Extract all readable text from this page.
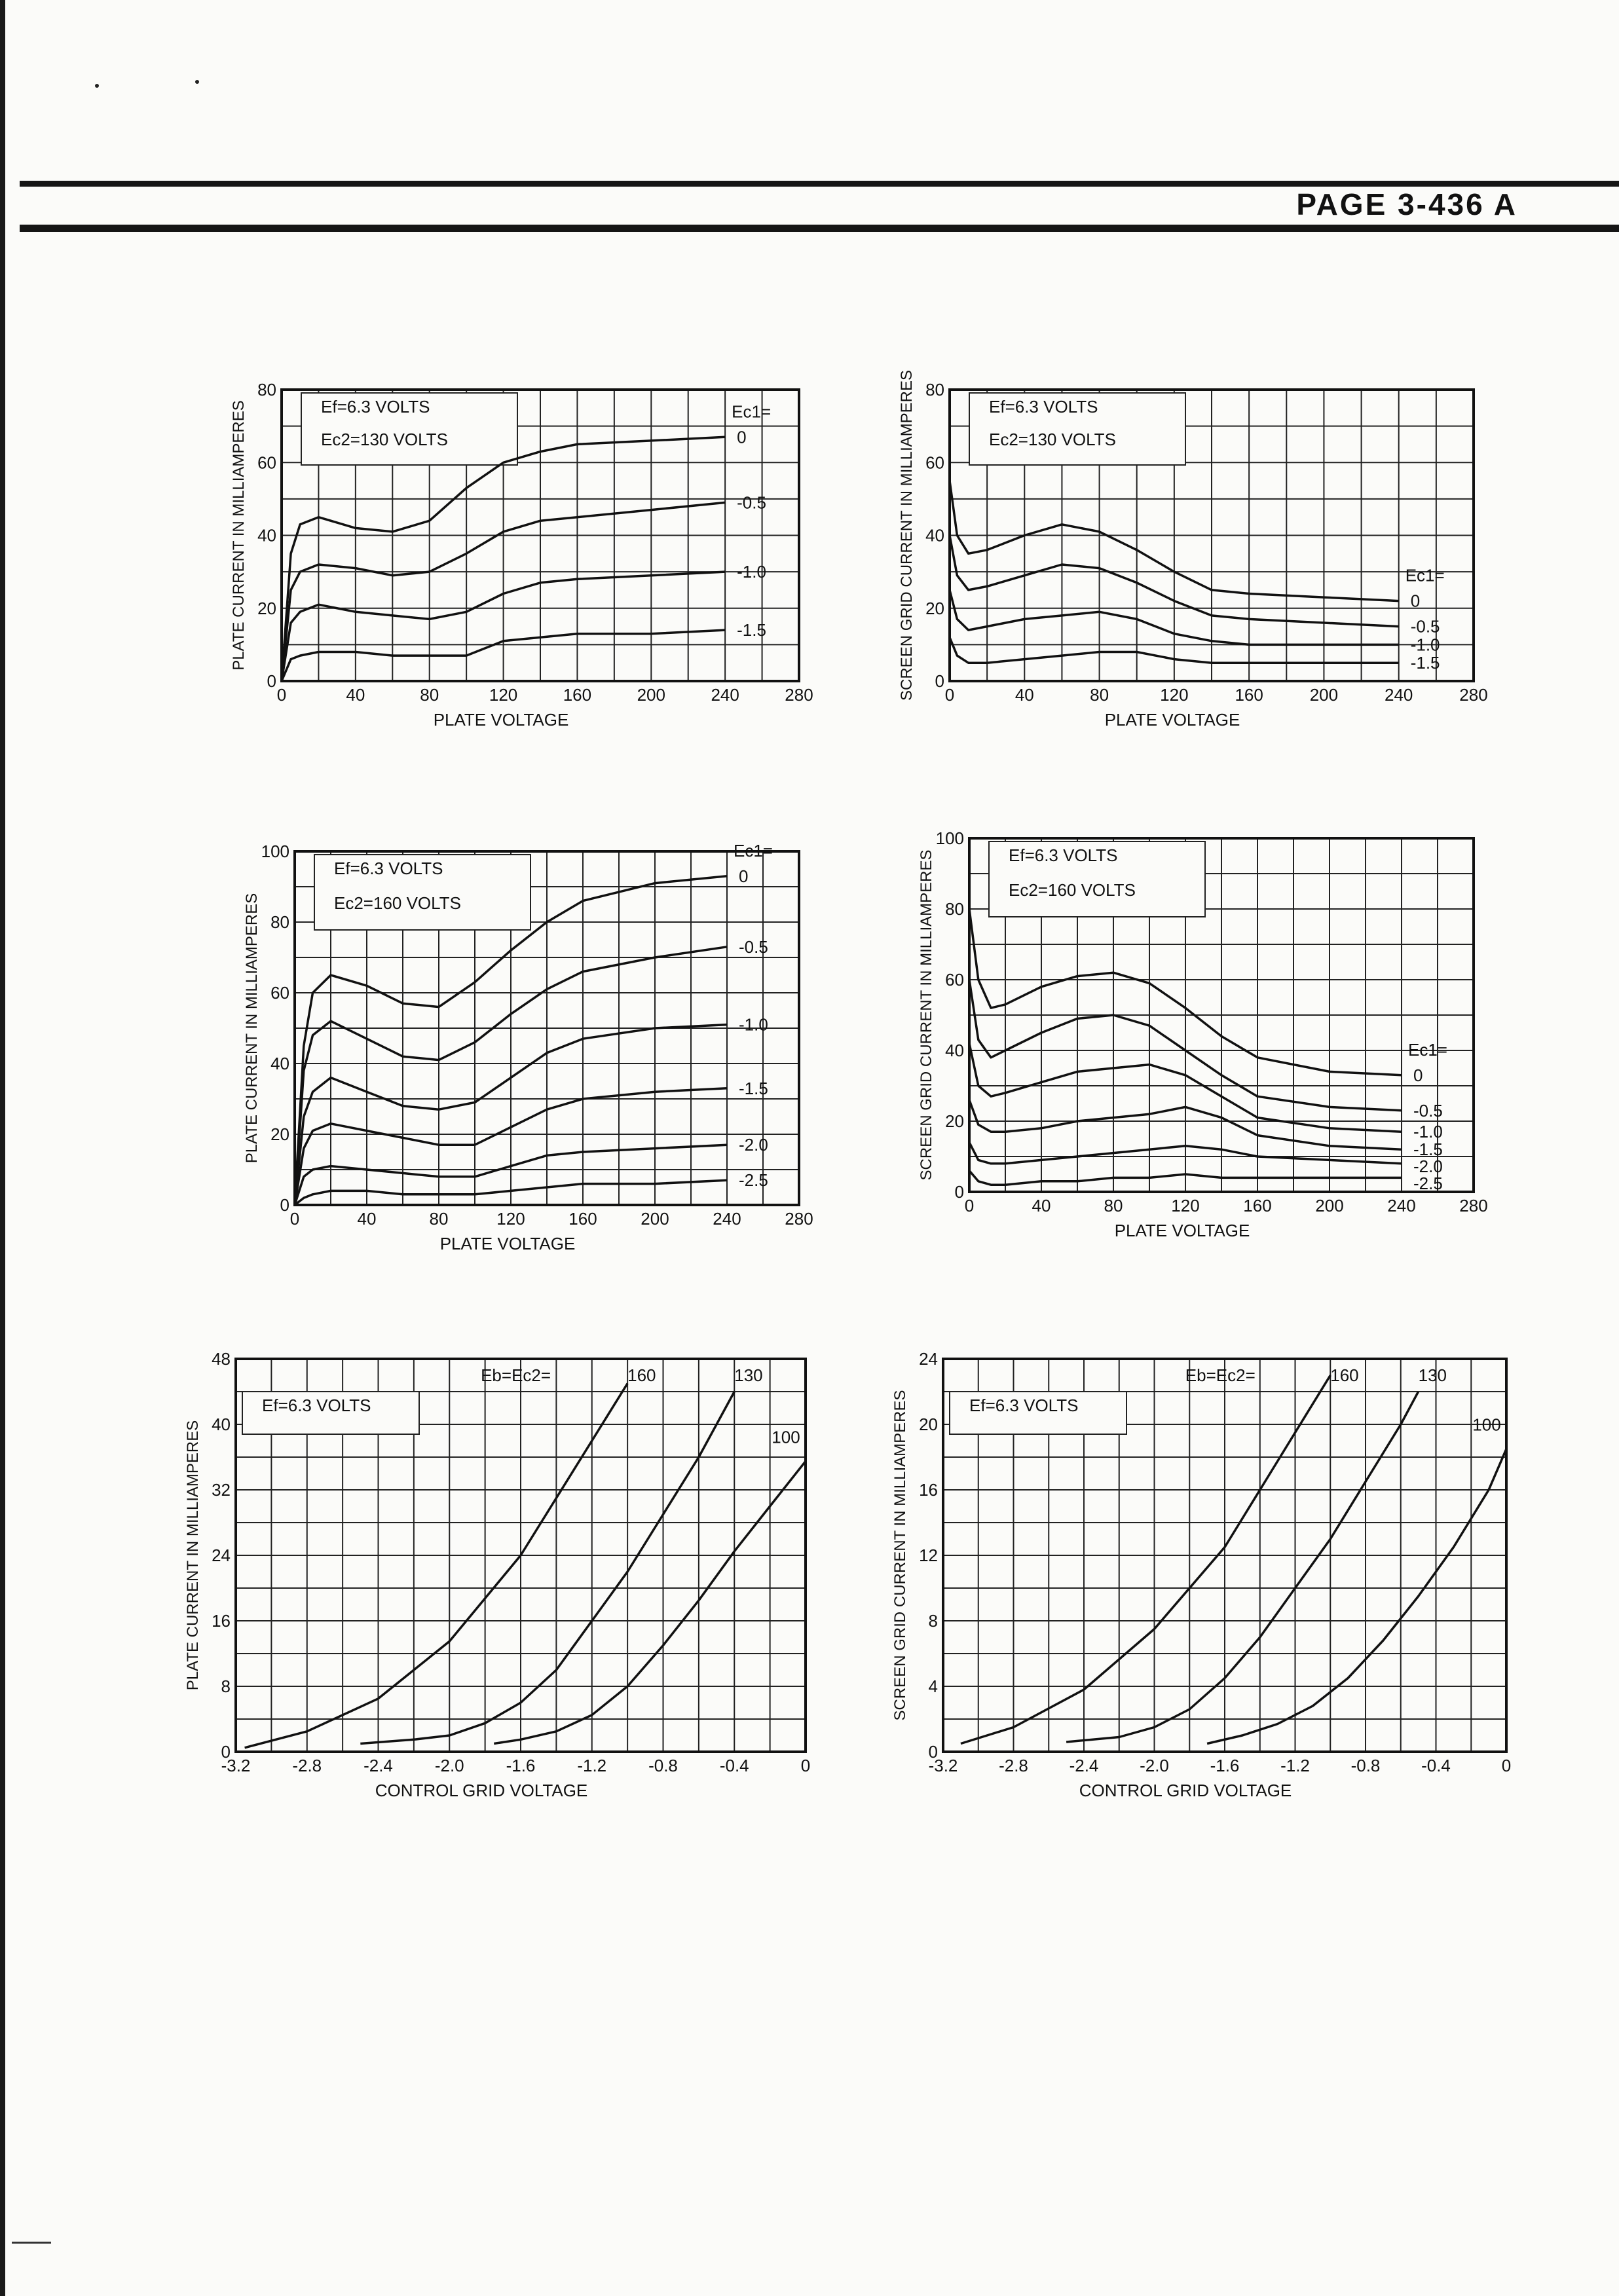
PAGE 3-436 A
0	40	80	120	160	200	240	280
0
20
40
60
80
PLATE VOLTAGE
PLATE CURRENT IN MILLIAMPERES	Ef=6.3 VOLTS
Ec2=130 VOLTS	0
Ec1=
-0.5
-1.0
-1.5
0	40	80	120	160	200	240	280
0
20
40
60
80
PLATE VOLTAGE
SCREEN GRID CURRENT IN MILLIAMPERES	Ef=6.3 VOLTS
Ec2=130 VOLTS
0
Ec1=
-0.5
-1.0
-1.5
0	40	80	120	160	200	240	280
0
20
40
60
80
100
PLATE VOLTAGE
PLATE CURRENT IN MILLIAMPERES
Ef=6.3 VOLTS
Ec2=160 VOLTS
0
Ec1=
-0.5
-1.0
-1.5
-2.0
-2.5
0	40	80	120	160	200	240	280
0
20
40
60
80
100
PLATE VOLTAGE
SCREEN GRID CURRENT IN MILLIAMPERES	Ef=6.3 VOLTS
Ec2=160 VOLTS
0
Ec1=
-0.5
-1.0
-1.5
-2.0
-2.5
-3.2 -2.8 -2.4 -2.0 -1.6 -1.2 -0.8 -0.4	0
0
8
16
24
32
40
48
CONTROL GRID VOLTAGE
PLATE CURRENT IN MILLIAMPERES
Ef=6.3 VOLTS
Eb=Ec2=	160	130
100
-3.2 -2.8 -2.4 -2.0 -1.6 -1.2 -0.8 -0.4	0
0
4
8
12
16
20
24
CONTROL GRID VOLTAGE
SCREEN GRID CURRENT IN MILLIAMPERES	Ef=6.3 VOLTS
Eb=Ec2=	160	130
100
